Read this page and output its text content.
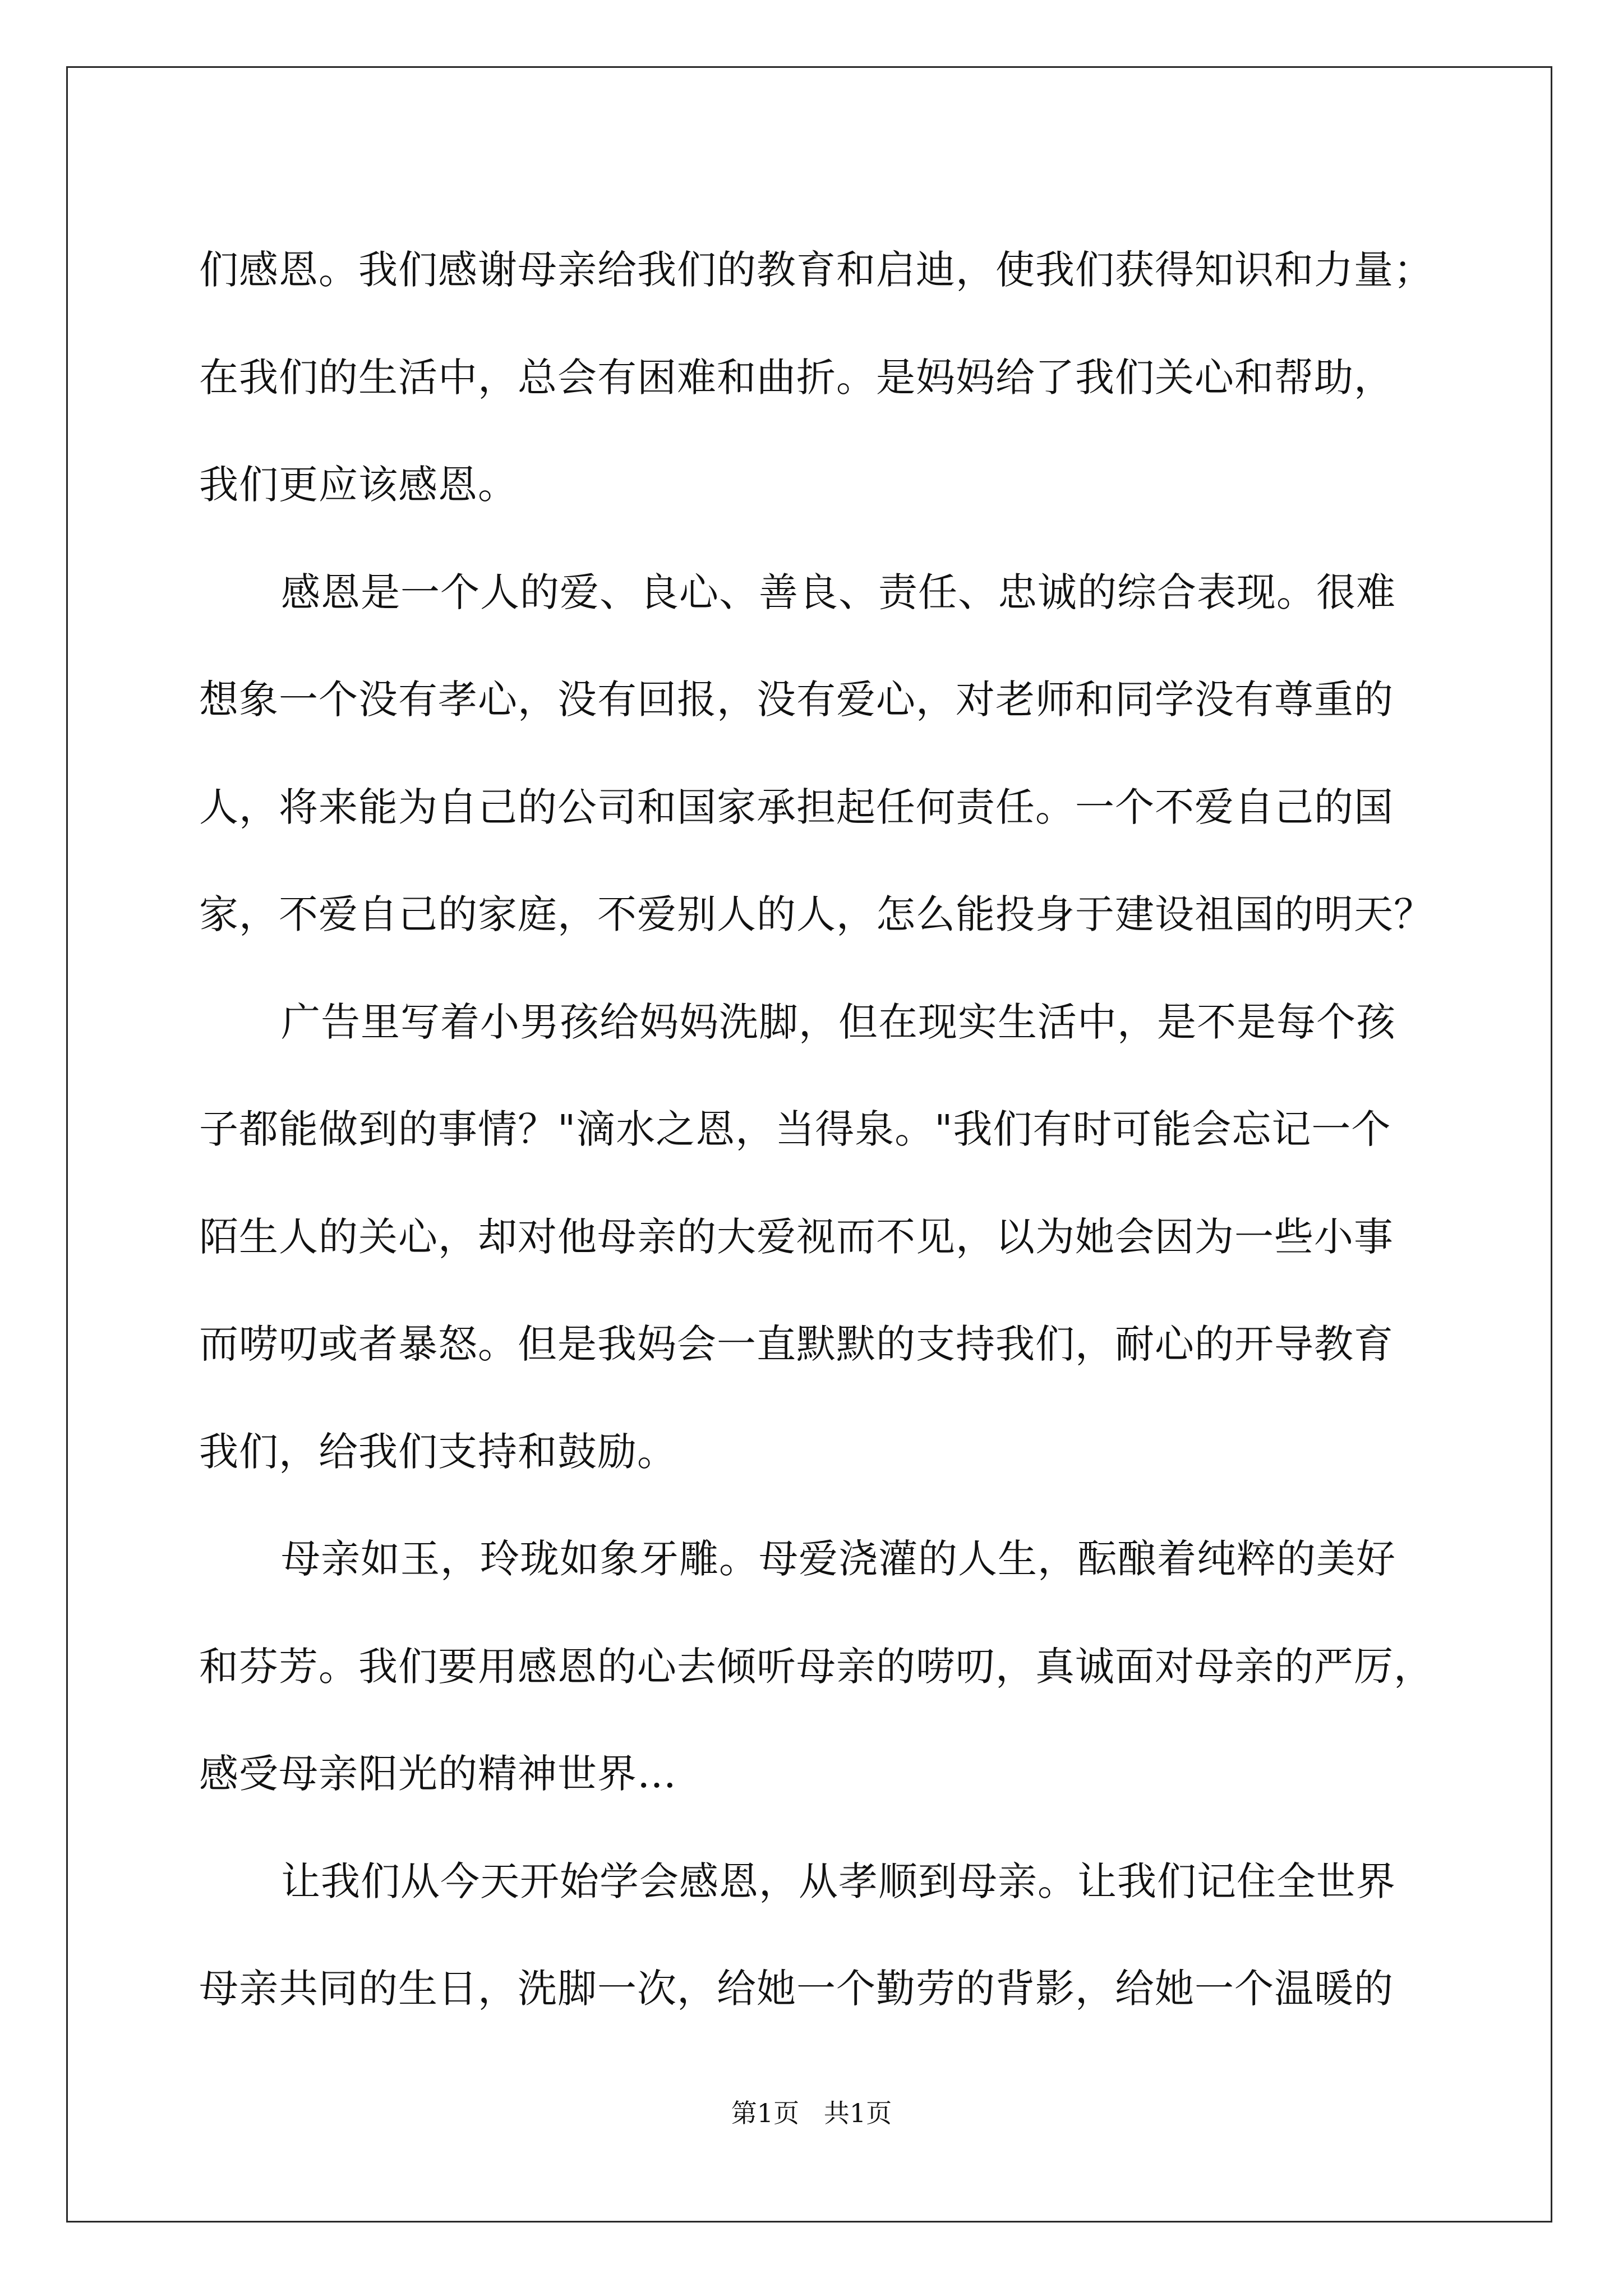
们感恩。我们感谢母亲给我们的教育和启迪，使我们获得知识和力量；
在我们的生活中，总会有困难和曲折。是妈妈给了我们关心和帮助，
我们更应该感恩。
感恩是一个人的爱、良心、善良、责任、忠诚的综合表现。很难
想象一个没有孝心，没有回报，没有爱心，对老师和同学没有尊重的
人，将来能为自己的公司和国家承担起任何责任。一个不爱自己的国
家，不爱自己的家庭，不爱别人的人，怎么能投身于建设祖国的明天？
广告里写着小男孩给妈妈洗脚，但在现实生活中，是不是每个孩
子都能做到的事情？"滴水之恩，当得泉。"我们有时可能会忘记一个
陌生人的关心，却对他母亲的大爱视而不见，以为她会因为一些小事
而唠叨或者暴怒。但是我妈会一直默默的支持我们，耐心的开导教育
我们，给我们支持和鼓励。
母亲如玉，玲珑如象牙雕。母爱浇灌的人生，酝酿着纯粹的美好
和芬芳。我们要用感恩的心去倾听母亲的唠叨，真诚面对母亲的严厉，
感受母亲阳光的精神世界…
让我们从今天开始学会感恩，从孝顺到母亲。让我们记住全世界
母亲共同的生日，洗脚一次，给她一个勤劳的背影，给她一个温暖的
第1页   共1页
